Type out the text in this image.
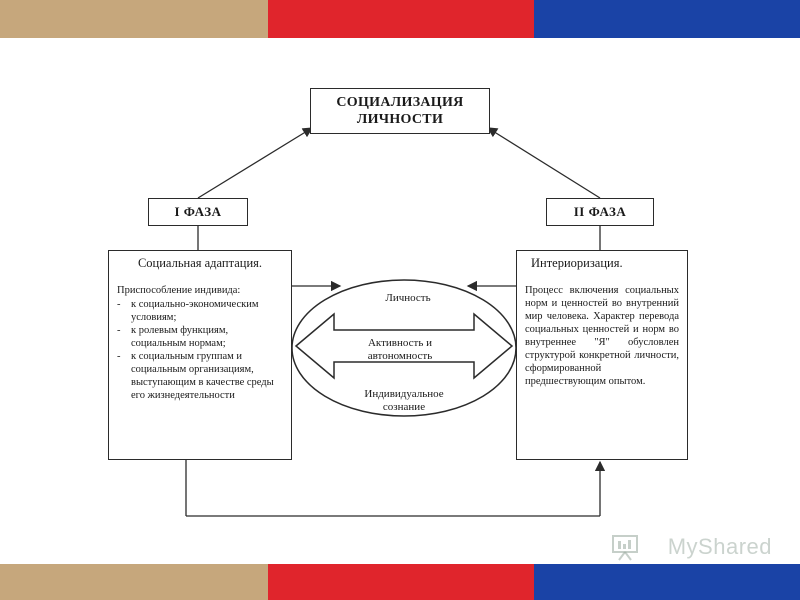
СОЦИАЛИЗАЦИЯ
ЛИЧНОСТИ
I ФАЗА	II ФАЗА
Социальная адаптация.
Приспособление индивида:
- к социально-экономическим условиям;
- к ролевым функциям, социальным нормам;
- к социальным группам и социальным организациям, выступающим в качестве среды его жизнедеятельности
Интериоризация.
Процесс включения социальных норм и ценностей во внутренний мир человека. Характер перевода социальных ценностей и норм во внутреннее "Я" обусловлен структурой конкретной личности, сформированной предшествующим опытом.
Личность
Активность и автономность
Индивидуальное сознание
MyShared
